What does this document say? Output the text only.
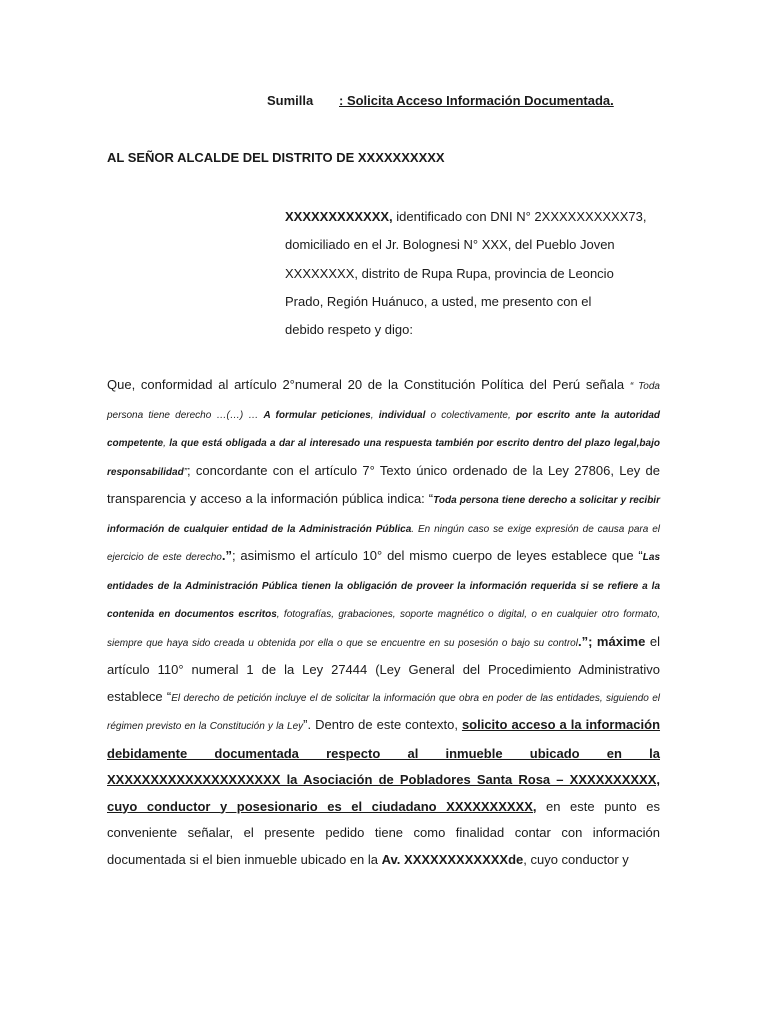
Sumilla : Solicita Acceso Información Documentada.
AL SEÑOR ALCALDE DEL DISTRITO DE XXXXXXXXXX
XXXXXXXXXXXX, identificado con DNI N° 2XXXXXXXXXX73,
domiciliado en el Jr. Bolognesi N° XXX, del Pueblo Joven
XXXXXXXX, distrito de Rupa Rupa, provincia de Leoncio
Prado, Región Huánuco, a usted, me presento con el
debido respeto y digo:
Que, conformidad al artículo 2°numeral 20 de la Constitución Política del Perú señala “ Toda persona tiene derecho …(…) … A formular peticiones, individual o colectivamente, por escrito ante la autoridad competente, la que está obligada a dar al interesado una respuesta también por escrito dentro del plazo legal,bajo responsabilidad”; concordante con el artículo 7° Texto único ordenado de la Ley 27806, Ley de transparencia y acceso a la información pública indica: “Toda persona tiene derecho a solicitar y recibir información de cualquier entidad de la Administración Pública. En ningún caso se exige expresión de causa para el ejercicio de este derecho.”; asimismo el artículo 10° del mismo cuerpo de leyes establece que “Las entidades de la Administración Pública tienen la obligación de proveer la información requerida si se refiere a la contenida en documentos escritos, fotografías, grabaciones, soporte magnético o digital, o en cualquier otro formato, siempre que haya sido creada u obtenida por ella o que se encuentre en su posesión o bajo su control.”; máxime el artículo 110° numeral 1 de la Ley 27444 (Ley General del Procedimiento Administrativo establece “El derecho de petición incluye el de solicitar la información que obra en poder de las entidades, siguiendo el régimen previsto en la Constitución y la Ley”. Dentro de este contexto, solicito acceso a la información debidamente documentada respecto al inmueble ubicado en la XXXXXXXXXXXXXXXXXXXX la Asociación de Pobladores Santa Rosa – XXXXXXXXXX, cuyo conductor y posesionario es el ciudadano XXXXXXXXXX, en este punto es conveniente señalar, el presente pedido tiene como finalidad contar con información documentada si el bien inmueble ubicado en la Av. XXXXXXXXXXXXde, cuyo conductor y
